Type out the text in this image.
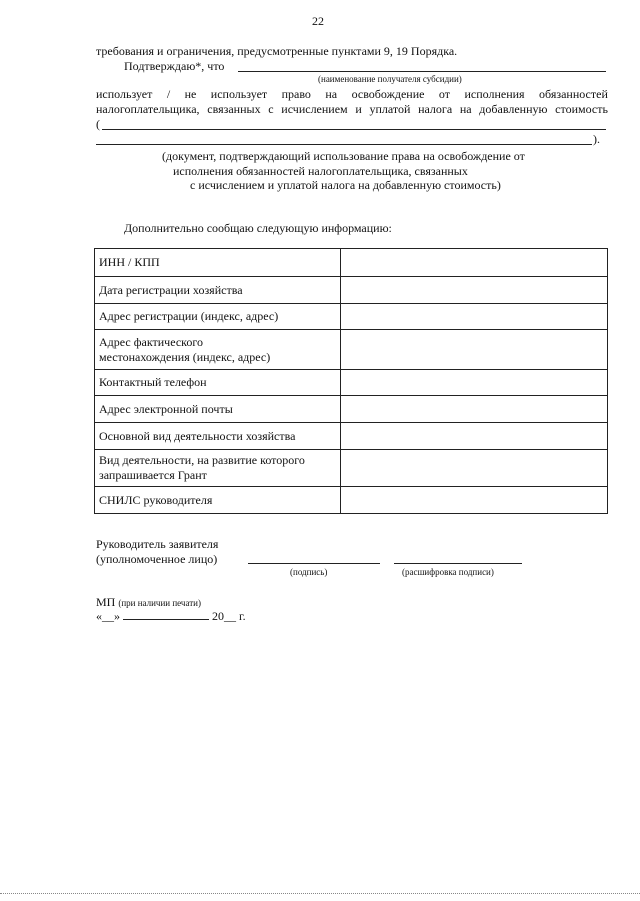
22
требования и ограничения, предусмотренные пунктами 9, 19 Порядка.
Подтверждаю*, что
(наименование получателя субсидии)
использует / не использует право на освобождение от исполнения обязанностей
налогоплательщика, связанных с исчислением и уплатой налога на добавленную стоимость
(
).
(документ, подтверждающий использование права на освобождение от
исполнения обязанностей налогоплательщика, связанных
с исчислением и уплатой налога на добавленную стоимость)
Дополнительно сообщаю следующую информацию:
ИНН / КПП	
Дата регистрации хозяйства	
Адрес регистрации (индекс, адрес)	
Адрес фактического
местонахождения (индекс, адрес)	
Контактный телефон	
Адрес электронной почты	
Основной вид деятельности хозяйства	
Вид деятельности, на развитие которого
запрашивается Грант	
СНИЛС руководителя	
Руководитель заявителя
(уполномоченное лицо)
(подпись)	(расшифровка подписи)
МП (при наличии печати)
«__»	20__ г.
